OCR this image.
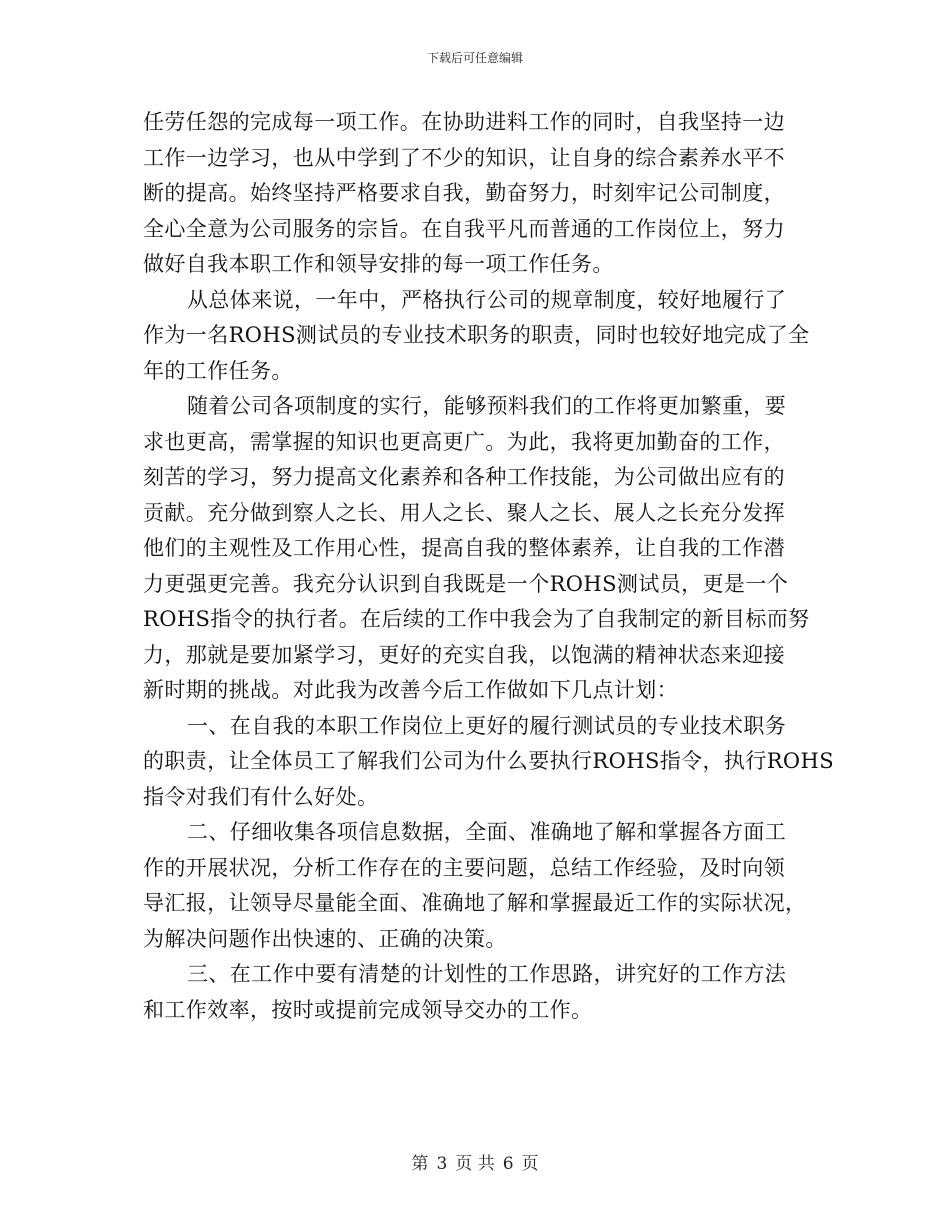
下载后可任意编辑

任劳任怨的完成每一项工作。在协助进料工作的同时，自我坚持一边
工作一边学习，也从中学到了不少的知识，让自身的综合素养水平不
断的提高。始终坚持严格要求自我，勤奋努力，时刻牢记公司制度，
全心全意为公司服务的宗旨。在自我平凡而普通的工作岗位上，努力
做好自我本职工作和领导安排的每一项工作任务。

从总体来说，一年中，严格执行公司的规章制度，较好地履行了
作为一名ROHS测试员的专业技术职务的职责，同时也较好地完成了全
年的工作任务。

随着公司各项制度的实行，能够预料我们的工作将更加繁重，要
求也更高，需掌握的知识也更高更广。为此，我将更加勤奋的工作，
刻苦的学习，努力提高文化素养和各种工作技能，为公司做出应有的
贡献。充分做到察人之长、用人之长、聚人之长、展人之长充分发挥
他们的主观性及工作用心性，提高自我的整体素养，让自我的工作潜
力更强更完善。我充分认识到自我既是一个ROHS测试员，更是一个
ROHS指令的执行者。在后续的工作中我会为了自我制定的新目标而努
力，那就是要加紧学习，更好的充实自我，以饱满的精神状态来迎接
新时期的挑战。对此我为改善今后工作做如下几点计划：

一、在自我的本职工作岗位上更好的履行测试员的专业技术职务
的职责，让全体员工了解我们公司为什么要执行ROHS指令，执行ROHS
指令对我们有什么好处。

二、仔细收集各项信息数据，全面、准确地了解和掌握各方面工
作的开展状况，分析工作存在的主要问题，总结工作经验，及时向领
导汇报，让领导尽量能全面、准确地了解和掌握最近工作的实际状况，
为解决问题作出快速的、正确的决策。

三、在工作中要有清楚的计划性的工作思路，讲究好的工作方法
和工作效率，按时或提前完成领导交办的工作。

第 3 页 共 6 页
